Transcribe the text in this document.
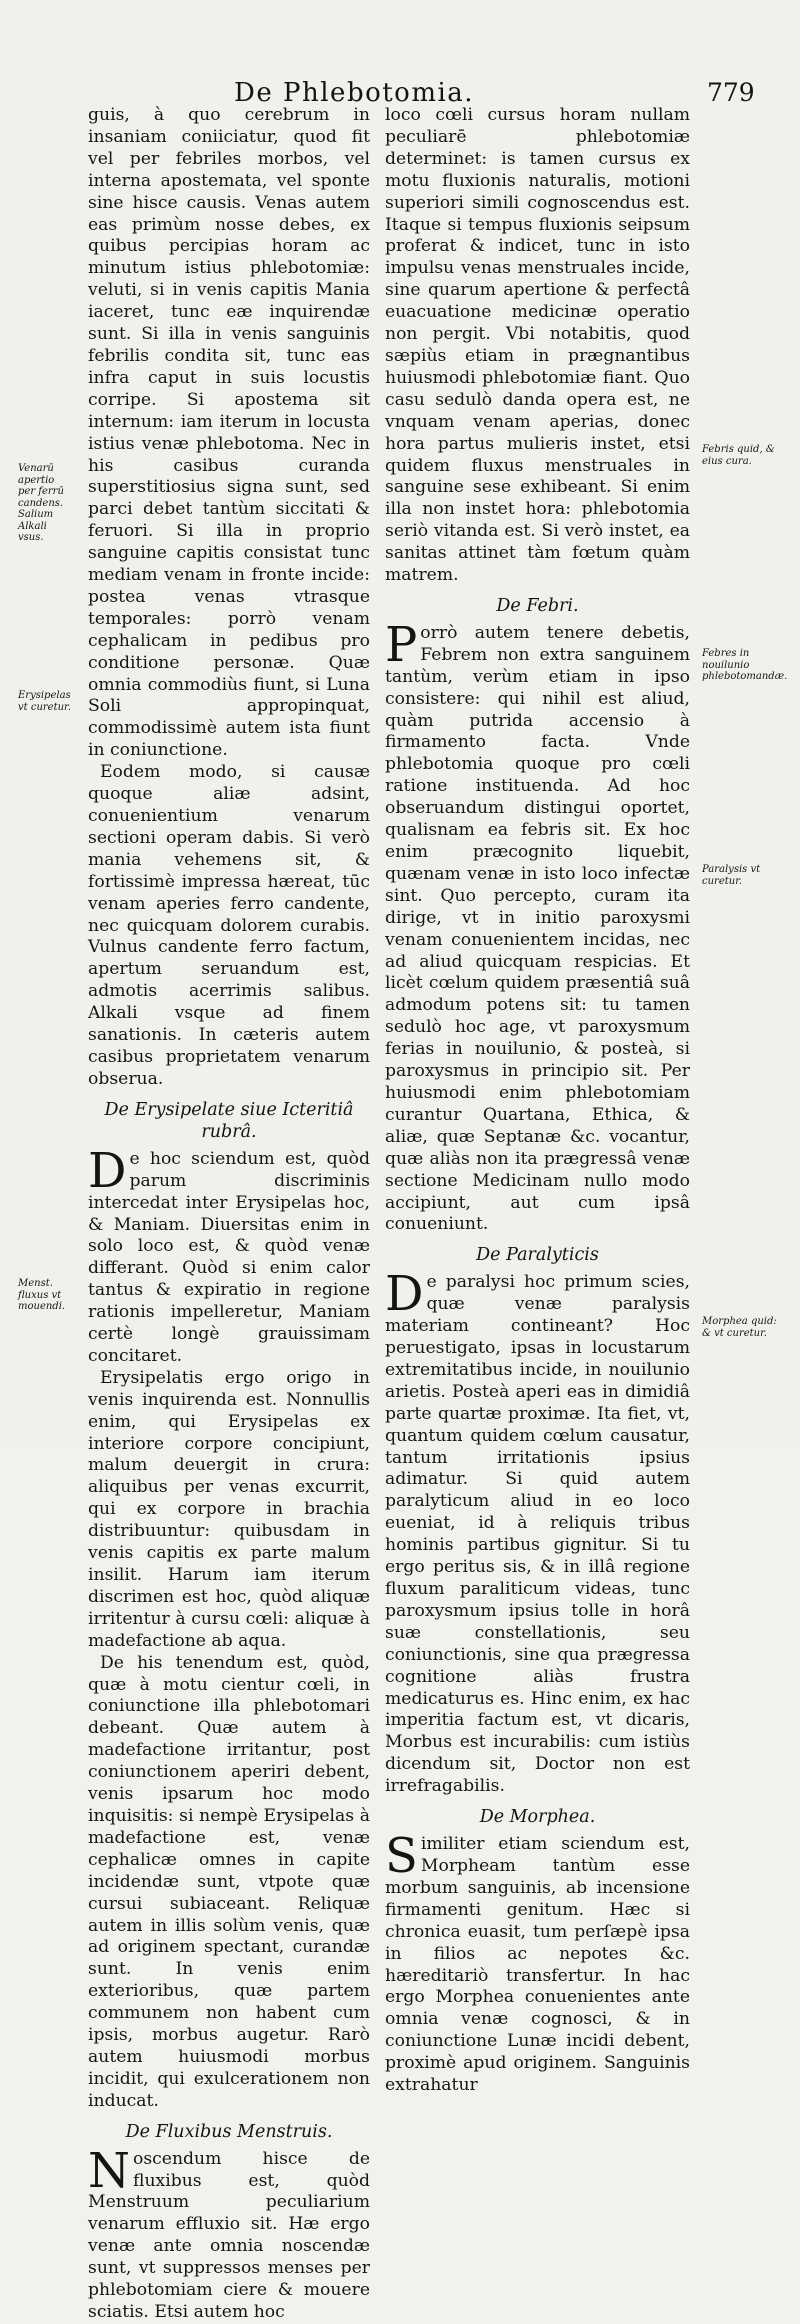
De Phlebotomia.	779

guis, à quo cerebrum in insaniam coniiciatur, quod fit vel per febriles morbos, vel interna apostemata, vel sponte sine hisce causis. Venas autem eas primùm nosse debes, ex quibus percipias horam ac minutum istius phlebotomiæ: veluti, si in venis capitis Mania iaceret, tunc eæ inquirendæ sunt. Si illa in venis sanguinis febrilis condita sit, tunc eas infra caput in suis locustis corripe. Si apostema sit internum: iam iterum in locusta istius venæ phlebotoma. Nec in his casibus curanda superstitiosius signa sunt, sed parci debet tantùm siccitati & feruori. Si illa in proprio sanguine capitis consistat tunc mediam venam in fronte incide: postea venas vtrasque temporales: porrò venam cephalicam in pedibus pro conditione personæ. Quæ omnia commodiùs fiunt, si Luna Soli appropinquat, commodissimè autem ista fiunt in coniunctione.

Eodem modo, si causæ quoque aliæ adsint, conuenientium venarum sectioni operam dabis. Si verò mania vehemens sit, & fortissimè impressa hæreat, tūc venam aperies ferro candente, nec quicquam dolorem curabis. Vulnus candente ferro factum, apertum seruandum est, admotis acerrimis salibus. Alkali vsque ad finem sanationis. In cæteris autem casibus proprietatem venarum obserua.

De Erysipelate siue Icteritiâ rubrâ.

De hoc sciendum est, quòd parum discriminis intercedat inter Erysipelas hoc, & Maniam. Diuersitas enim in solo loco est, & quòd venæ differant. Quòd si enim calor tantus & expiratio in regione rationis impelleretur, Maniam certè longè grauissimam concitaret.

Erysipelatis ergo origo in venis inquirenda est. Nonnullis enim, qui Erysipelas ex interiore corpore concipiunt, malum deuergit in crura: aliquibus per venas excurrit, qui ex corpore in brachia distribuuntur: quibusdam in venis capitis ex parte malum insilit. Harum iam iterum discrimen est hoc, quòd aliquæ irritentur à cursu cœli: aliquæ à madefactione ab aqua.

De his tenendum est, quòd, quæ à motu cientur cœli, in coniunctione illa phlebotomari debeant. Quæ autem à madefactione irritantur, post coniunctionem aperiri debent, venis ipsarum hoc modo inquisitis: si nempè Erysipelas à madefactione est, venæ cephalicæ omnes in capite incidendæ sunt, vtpote quæ cursui subiaceant. Reliquæ autem in illis solùm venis, quæ ad originem spectant, curandæ sunt. In venis enim exterioribus, quæ partem communem non habent cum ipsis, morbus augetur. Rarò autem huiusmodi morbus incidit, qui exulcerationem non inducat.

De Fluxibus Menstruis.

Noscendum hisce de fluxibus est, quòd Menstruum peculiarium venarum effluxio sit. Hæ ergo venæ ante omnia noscendæ sunt, vt suppressos menses per phlebotomiam ciere & mouere sciatis. Etsi autem hoc

loco cœli cursus horam nullam peculiarē phlebotomiæ determinet: is tamen cursus ex motu fluxionis naturalis, motioni superiori simili cognoscendus est. Itaque si tempus fluxionis seipsum proferat & indicet, tunc in isto impulsu venas menstruales incide, sine quarum apertione & perfectâ euacuatione medicinæ operatio non pergit. Vbi notabitis, quod sæpiùs etiam in prægnantibus huiusmodi phlebotomiæ fiant. Quo casu sedulò danda opera est, ne vnquam venam aperias, donec hora partus mulieris instet, etsi quidem fluxus menstruales in sanguine sese exhibeant. Si enim illa non instet hora: phlebotomia seriò vitanda est. Si verò instet, ea sanitas attinet tàm fœtum quàm matrem.

De Febri.

Porrò autem tenere debetis, Febrem non extra sanguinem tantùm, verùm etiam in ipso consistere: qui nihil est aliud, quàm putrida accensio à firmamento facta. Vnde phlebotomia quoque pro cœli ratione instituenda. Ad hoc obseruandum distingui oportet, qualisnam ea febris sit. Ex hoc enim præcognito liquebit, quænam venæ in isto loco infectæ sint. Quo percepto, curam ita dirige, vt in initio paroxysmi venam conuenientem incidas, nec ad aliud quicquam respicias. Et licèt cœlum quidem præsentiâ suâ admodum potens sit: tu tamen sedulò hoc age, vt paroxysmum ferias in nouilunio, & posteà, si paroxysmus in principio sit. Per huiusmodi enim phlebotomiam curantur Quartana, Ethica, & aliæ, quæ Septanæ &c. vocantur, quæ aliàs non ita prægressâ venæ sectione Medicinam nullo modo accipiunt, aut cum ipsâ conueniunt.

De Paralyticis

De paralysi hoc primum scies, quæ venæ paralysis materiam contineant? Hoc peruestigato, ipsas in locustarum extremitatibus incide, in nouilunio arietis. Posteà aperi eas in dimidiâ parte quartæ proximæ. Ita fiet, vt, quantum quidem cœlum causatur, tantum irritationis ipsius adimatur. Si quid autem paralyticum aliud in eo loco eueniat, id à reliquis tribus hominis partibus gignitur. Si tu ergo peritus sis, & in illâ regione fluxum paraliticum videas, tunc paroxysmum ipsius tolle in horâ suæ constellationis, seu coniunctionis, sine qua prægressa cognitione aliàs frustra medicaturus es. Hinc enim, ex hac imperitia factum est, vt dicaris, Morbus est incurabilis: cum istiùs dicendum sit, Doctor non est irrefragabilis.

De Morphea.

Similiter etiam sciendum est, Morpheam tantùm esse morbum sanguinis, ab incensione firmamenti genitum. Hæc si chronica euasit, tum perſæpè ipsa in filios ac nepotes &c. hæreditariò transfertur. In hac ergo Morphea conuenientes ante omnia venæ cognosci, & in coniunctione Lunæ incidi debent, proximè apud originem. Sanguinis extrahatur

Venarū apertio per ferrū candens. Salium Alkali vsus.
Erysipelas vt curetur.
Menst. fluxus vt mouendi.
Febris quid, & eius cura.
Febres in nouilunio phlebotomandæ.
Paralysis vt curetur.
Morphea quid: & vt curetur.
